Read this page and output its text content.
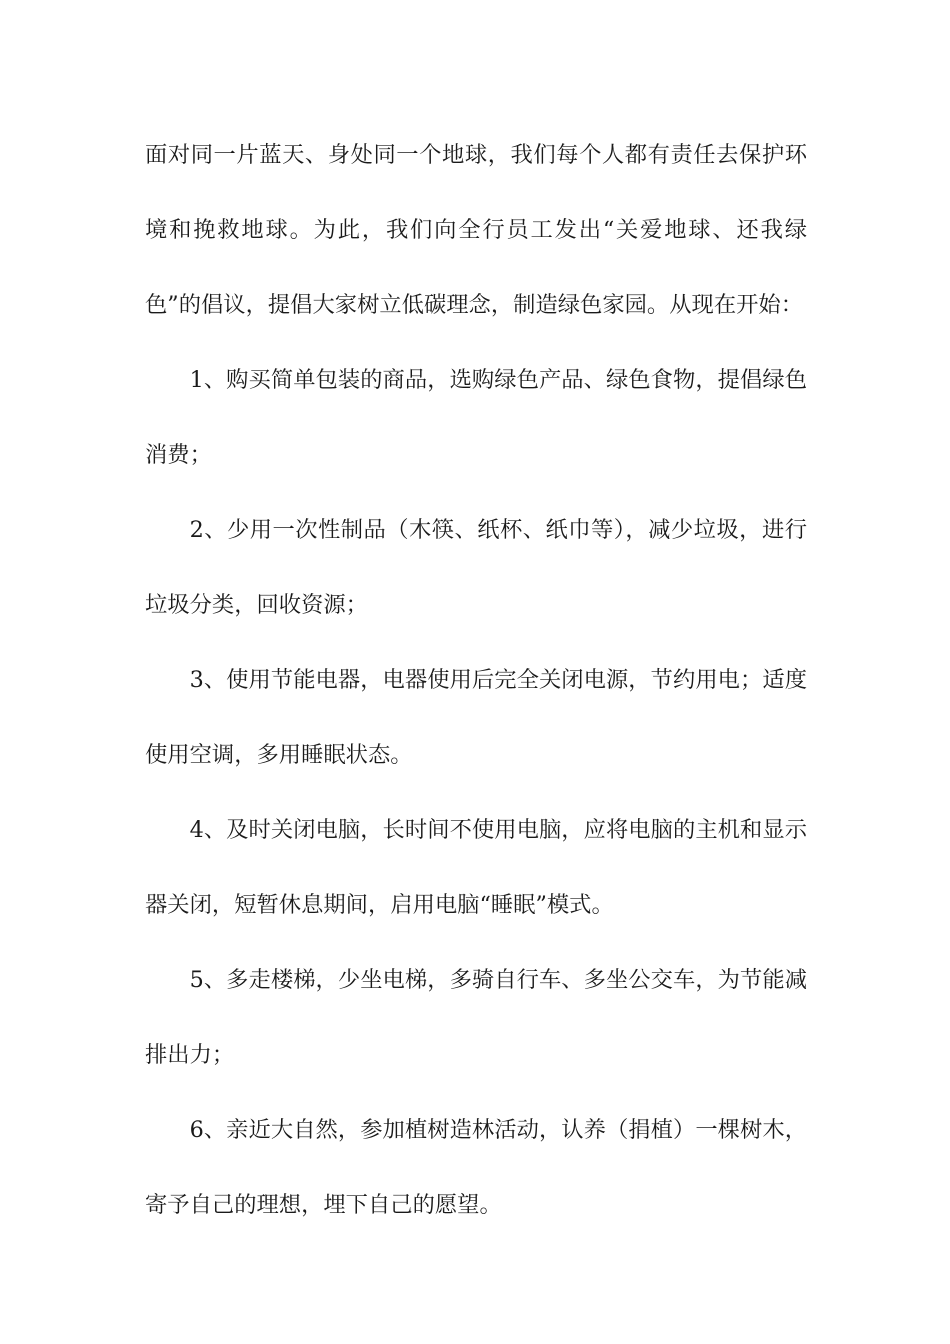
面对同一片蓝天、身处同一个地球，我们每个人都有责任去保护环境和挽救地球。为此，我们向全行员工发出“关爱地球、还我绿色”的倡议，提倡大家树立低碳理念，制造绿色家园。从现在开始：

1、购买简单包装的商品，选购绿色产品、绿色食物，提倡绿色消费；

2、少用一次性制品（木筷、纸杯、纸巾等），减少垃圾，进行垃圾分类，回收资源；

3、使用节能电器，电器使用后完全关闭电源，节约用电；适度使用空调，多用睡眠状态。

4、及时关闭电脑，长时间不使用电脑，应将电脑的主机和显示器关闭，短暂休息期间，启用电脑“睡眠”模式。

5、多走楼梯，少坐电梯，多骑自行车、多坐公交车，为节能减排出力；

6、亲近大自然，参加植树造林活动，认养（捐植）一棵树木，寄予自己的理想，埋下自己的愿望。
